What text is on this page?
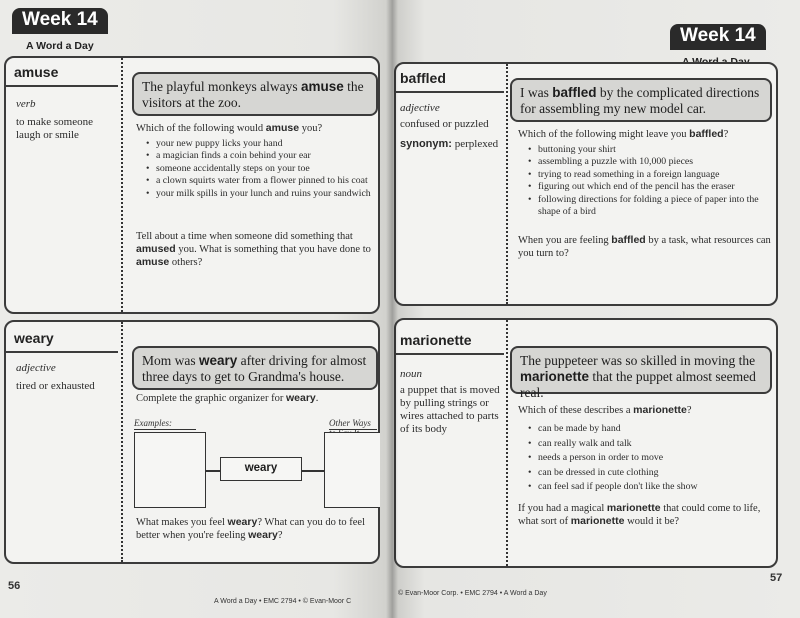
Week 14
A Word a Day
amuse
verb
to make someone laugh or smile
The playful monkeys always amuse the visitors at the zoo.
Which of the following would amuse you?
• your new puppy licks your hand
• a magician finds a coin behind your ear
• someone accidentally steps on your toe
• a clown squirts water from a flower pinned to his coat
• your milk spills in your lunch and ruins your sandwich
Tell about a time when someone did something that amused you. What is something that you have done to amuse others?
weary
adjective
tired or exhausted
Mom was weary after driving for almost three days to get to Grandma's house.
Complete the graphic organizer for weary.
Examples:	Other Ways
weary
What makes you feel weary? What can you do to feel better when you're feeling weary?
56
A Word a Day • EMC 2794 • © Evan-Moor C
Week 14
baffled
adjective
confused or puzzled
synonym: perplexed
I was baffled by the complicated directions for assembling my new model car.
Which of the following might leave you baffled?
• buttoning your shirt
• assembling a puzzle with 10,000 pieces
• trying to read something in a foreign language
• figuring out which end of the pencil has the eraser
• following directions for folding a piece of paper into the shape of a bird
When you are feeling baffled by a task, what resources can you turn to?
marionette
noun
a puppet that is moved by pulling strings or wires attached to parts of its body
The puppeteer was so skilled in moving the marionette that the puppet almost seemed real.
Which of these describes a marionette?
• can be made by hand
• can really walk and talk
• needs a person in order to move
• can be dressed in cute clothing
• can feel sad if people don't like the show
If you had a magical marionette that could come to life, what sort of marionette would it be?
57
© Evan-Moor Corp. • EMC 2794 • A Word a Day
